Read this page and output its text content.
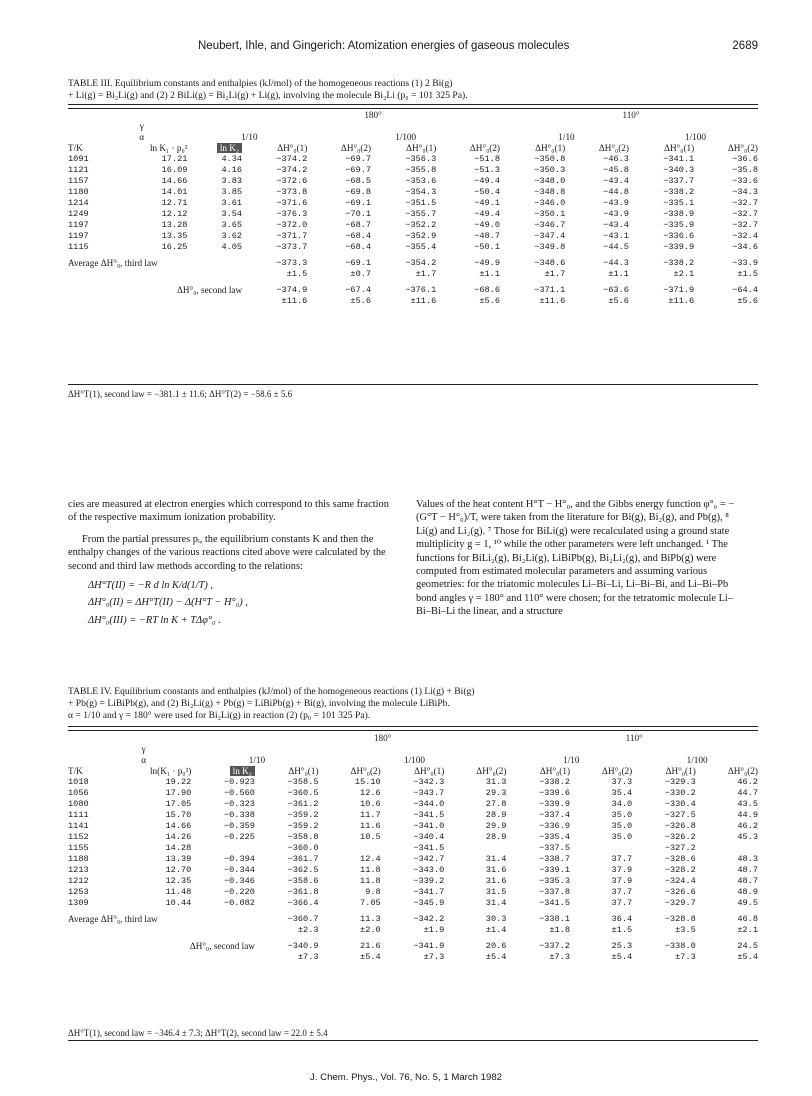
Neubert, Ihle, and Gingerich: Atomization energies of gaseous molecules	2689
TABLE III. Equilibrium constants and enthalpies (kJ/mol) of the homogeneous reactions (1) 2 Bi(g)
+ Li(g) = Bi₂Li(g) and (2) 2 BiLi(g) = Bi₂Li(g) + Li(g), involving the molecule Bi₂Li (p₀ = 101 325 Pa).
			180°				110°			
γ										
α		1/10		1/100			1/10		1/100	
T/K	ln K₁ · p₀²	ln K₂	ΔH°₀(1)	ΔH°₀(2)	ΔH°₀(1)	ΔH°₀(2)	ΔH°₀(1)	ΔH°₀(2)	ΔH°₀(1)	ΔH°₀(2)
1091	17.21	4.34	−374.2	−69.7	−356.3	−51.8	−350.8	−46.3	−341.1	−36.6
1121	16.09	4.16	−374.2	−69.7	−355.8	−51.3	−350.3	−45.8	−340.3	−35.8
1157	14.66	3.83	−372.6	−68.5	−353.6	−49.4	−348.0	−43.4	−337.7	−33.6
1180	14.01	3.85	−373.8	−69.8	−354.3	−50.4	−348.8	−44.8	−338.2	−34.3
1214	12.71	3.61	−371.6	−69.1	−351.5	−49.1	−346.0	−43.9	−335.1	−32.7
1249	12.12	3.54	−376.3	−70.1	−355.7	−49.4	−350.1	−43.9	−338.9	−32.7
1197	13.28	3.65	−372.0	−68.7	−352.2	−49.0	−346.7	−43.4	−335.9	−32.7
1197	13.35	3.62	−371.7	−68.4	−352.9	−48.7	−347.4	−43.1	−336.6	−32.4
1115	16.25	4.05	−373.7	−68.4	−355.4	−50.1	−349.8	−44.5	−339.9	−34.6

Average ΔH°₀, third law			−373.3	−69.1	−354.2	−49.9	−348.6	−44.3	−338.2	−33.9
			±1.5	±0.7	±1.7	±1.1	±1.7	±1.1	±2.1	±1.5

ΔH°₀, second law			−374.9	−67.4	−376.1	−68.6	−371.1	−63.6	−371.9	−64.4
			±11.6	±5.6	±11.6	±5.6	±11.6	±5.6	±11.6	±5.6
ΔH°T(1), second law = −381.1 ± 11.6; ΔH°T(2) = −58.6 ± 5.6

cies are measured at electron energies which correspond to this same fraction of the respective maximum ionization probability.

From the partial pressures pᵢ, the equilibrium constants K and then the enthalpy changes of the various reactions cited above were calculated by the second and third law methods according to the relations:

ΔH°T(II) = −R d ln K/d(1/T) ,
ΔH°₀(II) = ΔH°T(II) − Δ(H°T − H°₀) ,
ΔH°₀(III) = −RT ln K + TΔφ°₀ .

Values of the heat content H°T − H°₀, and the Gibbs energy function φ°₀ = −(G°T − H°₀)/T, were taken from the literature for Bi(g), Bi₂(g), and Pb(g), ⁸ Li(g) and Li₂(g). ⁷ Those for BiLi(g) were recalculated using a ground state multiplicity g = 1, ¹⁰ while the other parameters were left unchanged. ¹ The functions for BiLi₂(g), Bi₂Li(g), LiBiPb(g), Bi₂Li₂(g), and BiPb(g) were computed from estimated molecular parameters and assuming various geometries: for the triatomic molecules Li–Bi–Li, Li–Bi–Bi, and Li–Bi–Pb bond angles γ = 180° and 110° were chosen; for the tetratomic molecule Li–Bi–Bi–Li the linear, and a structure

TABLE IV. Equilibrium constants and enthalpies (kJ/mol) of the homogeneous reactions (1) Li(g) + Bi(g)
+ Pb(g) = LiBiPb(g), and (2) Bi₂Li(g) + Pb(g) = LiBiPb(g) + Bi(g), involving the molecule LiBiPb.
α = 1/10 and γ = 180° were used for Bi₂Li(g) in reaction (2) (p₀ = 101 325 Pa).
			180°				110°			
γ										
α		1/10		1/100			1/10		1/100	
T/K	ln(K₁ · p₀²)	ln K₂	ΔH°₀(1)	ΔH°₀(2)	ΔH°₀(1)	ΔH°₀(2)	ΔH°₀(1)	ΔH°₀(2)	ΔH°₀(1)	ΔH°₀(2)
1018	19.22	−0.923	−358.5	15.10	−342.3	31.3	−338.2	37.3	−329.3	46.2
1056	17.90	−0.560	−360.5	12.6	−343.7	29.3	−339.6	35.4	−330.2	44.7
1080	17.05	−0.323	−361.2	10.6	−344.0	27.8	−339.9	34.0	−330.4	43.5
1111	15.70	−0.338	−359.2	11.7	−341.5	28.9	−337.4	35.0	−327.5	44.9
1141	14.66	−0.359	−359.2	11.6	−341.0	29.9	−336.9	35.0	−326.8	46.2
1152	14.26	−0.225	−358.8	10.5	−340.4	28.9	−335.4	35.0	−326.2	45.3
1155	14.28		−360.0		−341.5		−337.5		−327.2	
1188	13.39	−0.394	−361.7	12.4	−342.7	31.4	−338.7	37.7	−328.6	48.3
1213	12.70	−0.344	−362.5	11.8	−343.0	31.6	−339.1	37.9	−328.2	48.7
1212	12.35	−0.346	−358.6	11.8	−339.2	31.6	−335.3	37.9	−324.4	48.7
1253	11.48	−0.220	−361.8	9.8	−341.7	31.5	−337.8	37.7	−326.6	48.9
1309	10.44	−0.082	−366.4	7.05	−345.9	31.4	−341.5	37.7	−329.7	49.5

Average ΔH°₀, third law			−360.7	11.3	−342.2	30.3	−338.1	36.4	−328.8	46.8
			±2.3	±2.0	±1.9	±1.4	±1.8	±1.5	±3.5	±2.1

ΔH°₀, second law			−340.9	21.6	−341.9	20.6	−337.2	25.3	−338.0	24.5
			±7.3	±5.4	±7.3	±5.4	±7.3	±5.4	±7.3	±5.4
ΔH°T(1), second law = −346.4 ± 7.3; ΔH°T(2), second law = 22.0 ± 5.4
J. Chem. Phys., Vol. 76, No. 5, 1 March 1982
